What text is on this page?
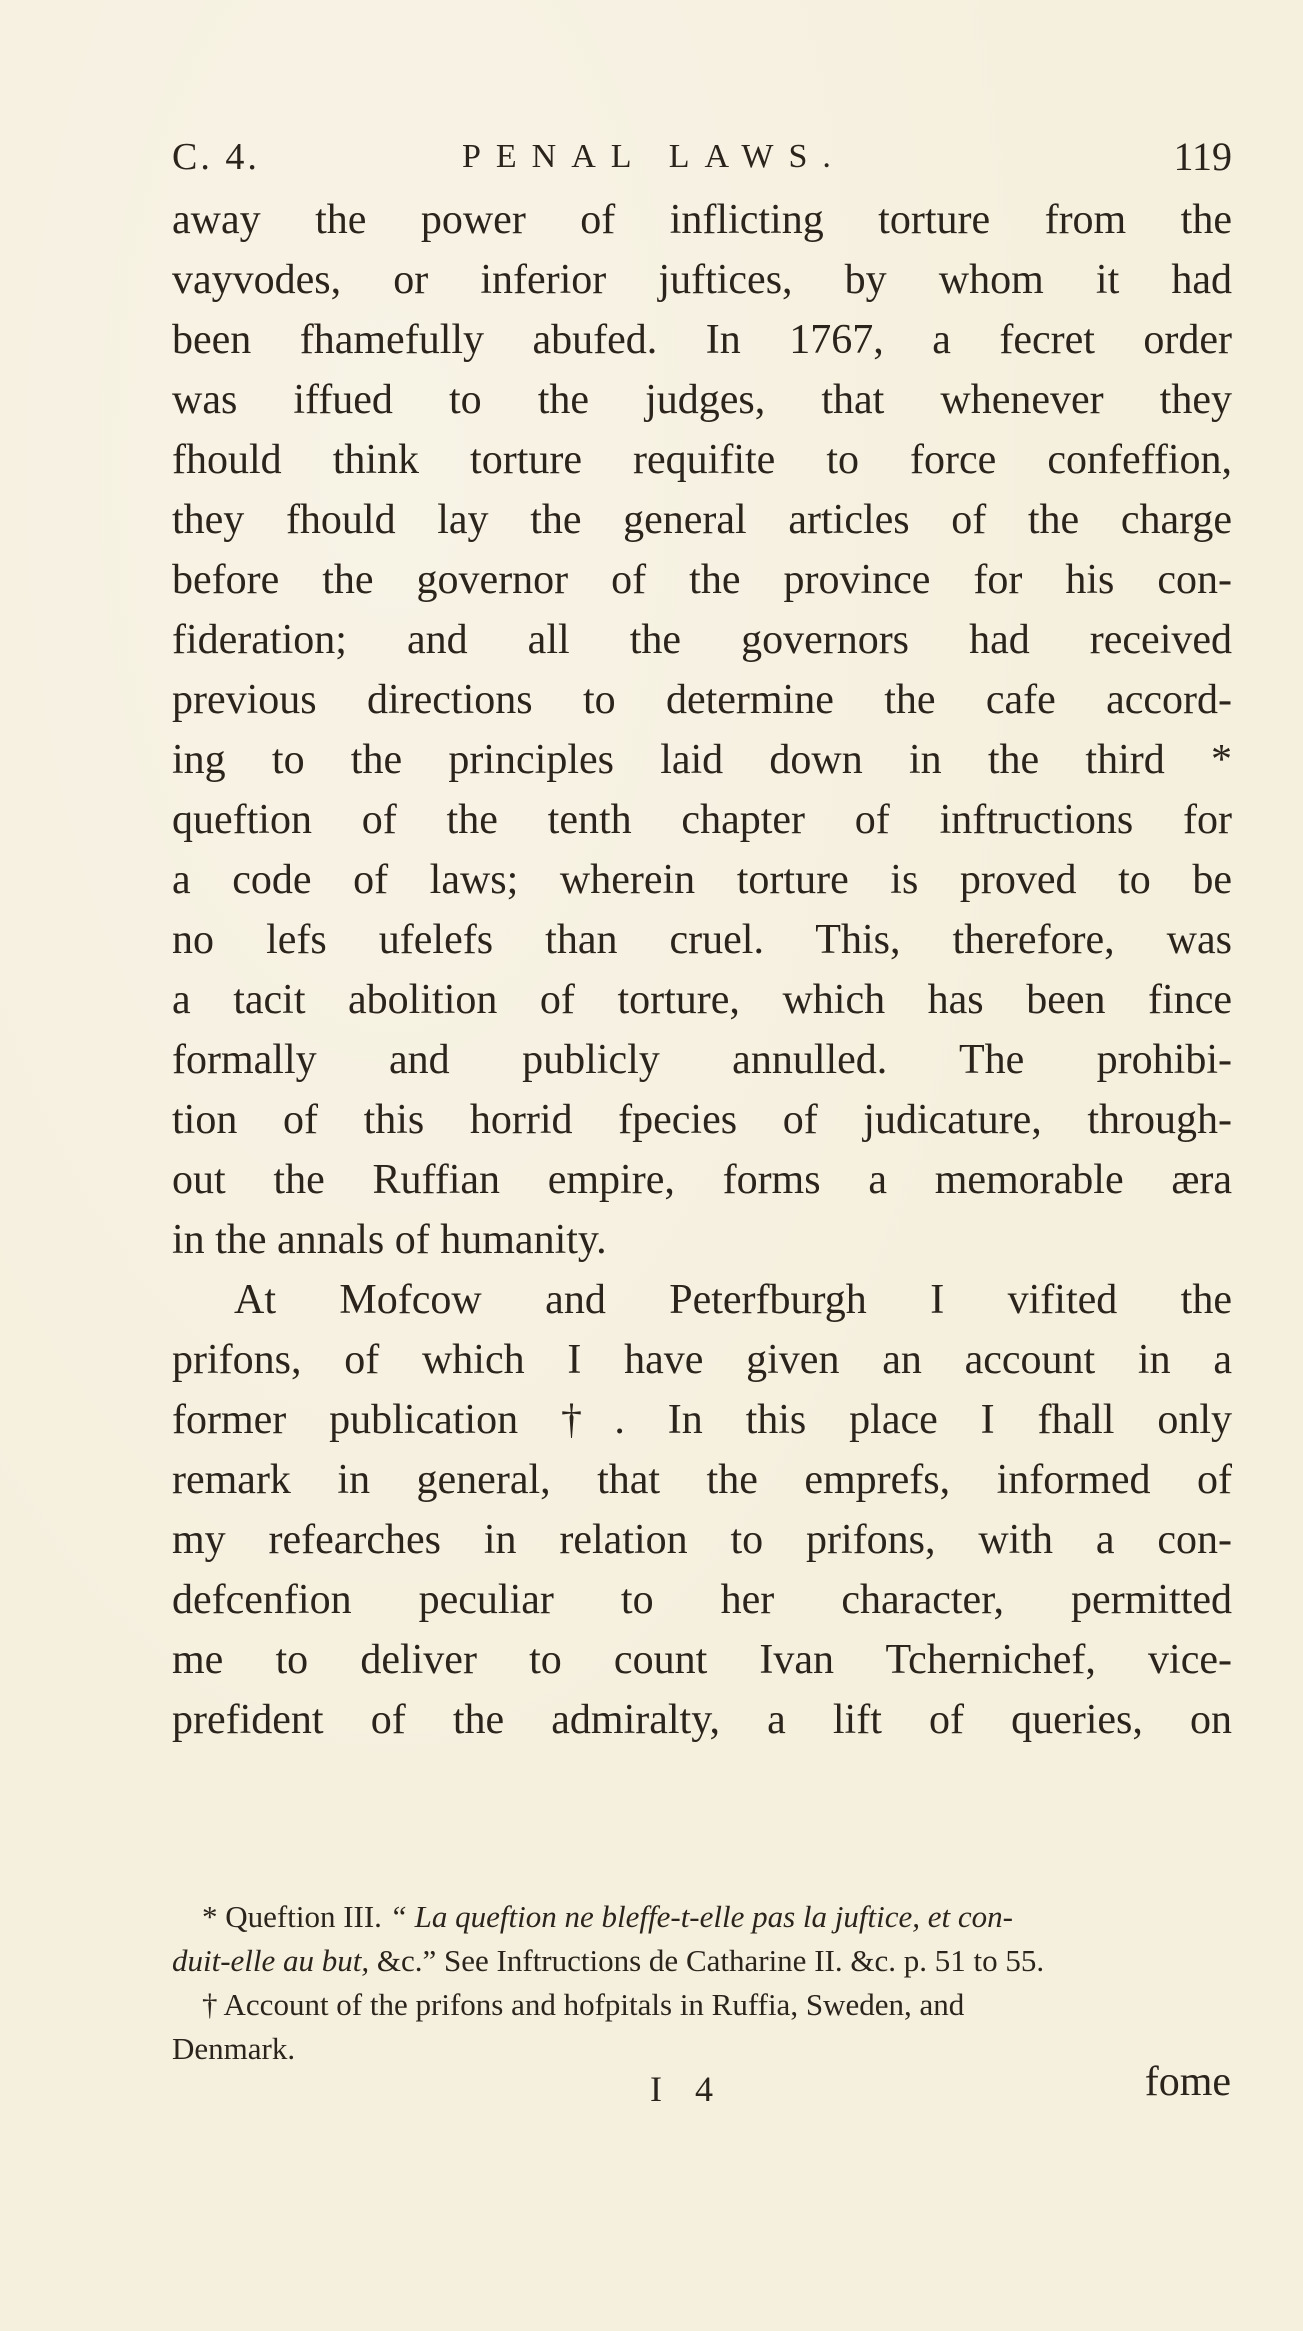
C. 4.	PENAL LAWS.	119
away the power of inflicting torture from the
vayvodes, or inferior juftices, by whom it had
been fhamefully abufed. In 1767, a fecret order
was iffued to the judges, that whenever they
fhould think torture requifite to force confeffion,
they fhould lay the general articles of the charge
before the governor of the province for his con-
fideration; and all the governors had received
previous directions to determine the cafe accord-
ing to the principles laid down in the third *
queftion of the tenth chapter of inftructions for
a code of laws; wherein torture is proved to be
no lefs ufelefs than cruel. This, therefore, was
a tacit abolition of torture, which has been fince
formally and publicly annulled. The prohibi-
tion of this horrid fpecies of judicature, through-
out the Ruffian empire, forms a memorable æra
in the annals of humanity.
At Mofcow and Peterfburgh I vifited the
prifons, of which I have given an account in a
former publication †. In this place I fhall only
remark in general, that the emprefs, informed of
my refearches in relation to prifons, with a con-
defcenfion peculiar to her character, permitted
me to deliver to count Ivan Tchernichef, vice-
prefident of the admiralty, a lift of queries, on
* Queftion III. “ La queftion ne bleffe-t-elle pas la juftice, et con-
duit-elle au but, &c.” See Inftructions de Catharine II. &c. p. 51 to 55.
† Account of the prifons and hofpitals in Ruffia, Sweden, and
Denmark.
I 4	fome
